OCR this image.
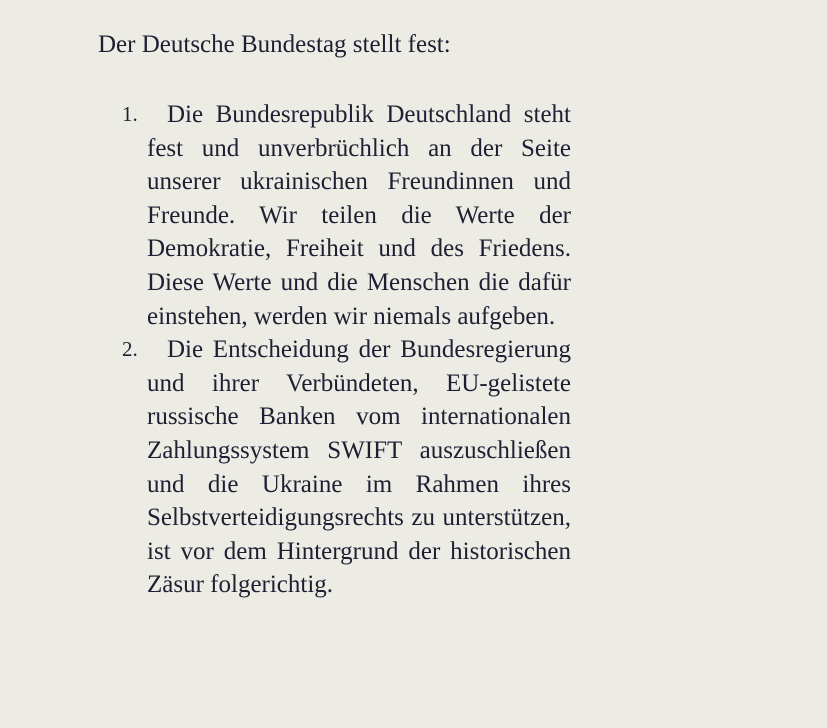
Der Deutsche Bundestag stellt fest:
1.	Die Bundesrepublik Deutschland steht fest und unverbrüchlich an der Seite unserer ukrainischen Freundinnen und Freunde. Wir teilen die Werte der Demokratie, Freiheit und des Friedens. Diese Werte und die Menschen die dafür einstehen, werden wir niemals aufgeben.
2.	Die Entscheidung der Bundesregierung und ihrer Verbündeten, EU-gelistete russische Banken vom internationalen Zahlungssystem SWIFT auszuschließen und die Ukraine im Rahmen ihres Selbstverteidigungsrechts zu unterstützen, ist vor dem Hintergrund der historischen Zäsur folgerichtig.
